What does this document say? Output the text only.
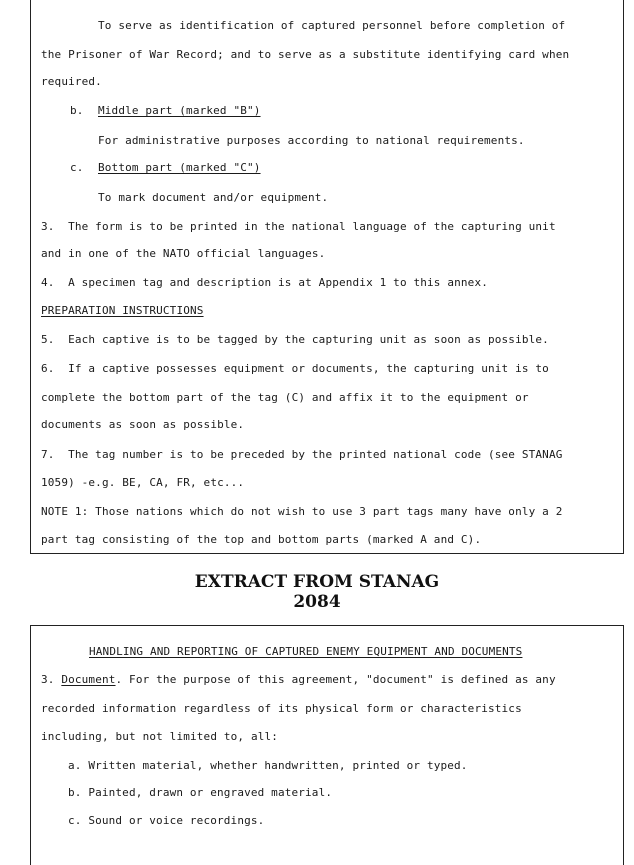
To serve as identification of captured personnel before completion of
the Prisoner of War Record; and to serve as a substitute identifying card when
required.
b. Middle part (marked "B")
For administrative purposes according to national requirements.
c. Bottom part (marked "C")
To mark document and/or equipment.
3.  The form is to be printed in the national language of the capturing unit
and in one of the NATO official languages.
4.  A specimen tag and description is at Appendix 1 to this annex.
PREPARATION INSTRUCTIONS
5.  Each captive is to be tagged by the capturing unit as soon as possible.
6.  If a captive possesses equipment or documents, the capturing unit is to
complete the bottom part of the tag (C) and affix it to the equipment or
documents as soon as possible.
7.  The tag number is to be preceded by the printed national code (see STANAG
1059) -e.g. BE, CA, FR, etc...
NOTE 1: Those nations which do not wish to use 3 part tags many have only a 2
part tag consisting of the top and bottom parts (marked A and C).
EXTRACT FROM STANAG
2084
HANDLING AND REPORTING OF CAPTURED ENEMY EQUIPMENT AND DOCUMENTS
3. Document. For the purpose of this agreement, "document" is defined as any
recorded information regardless of its physical form or characteristics
including, but not limited to, all:
a. Written material, whether handwritten, printed or typed.
b. Painted, drawn or engraved material.
c. Sound or voice recordings.
